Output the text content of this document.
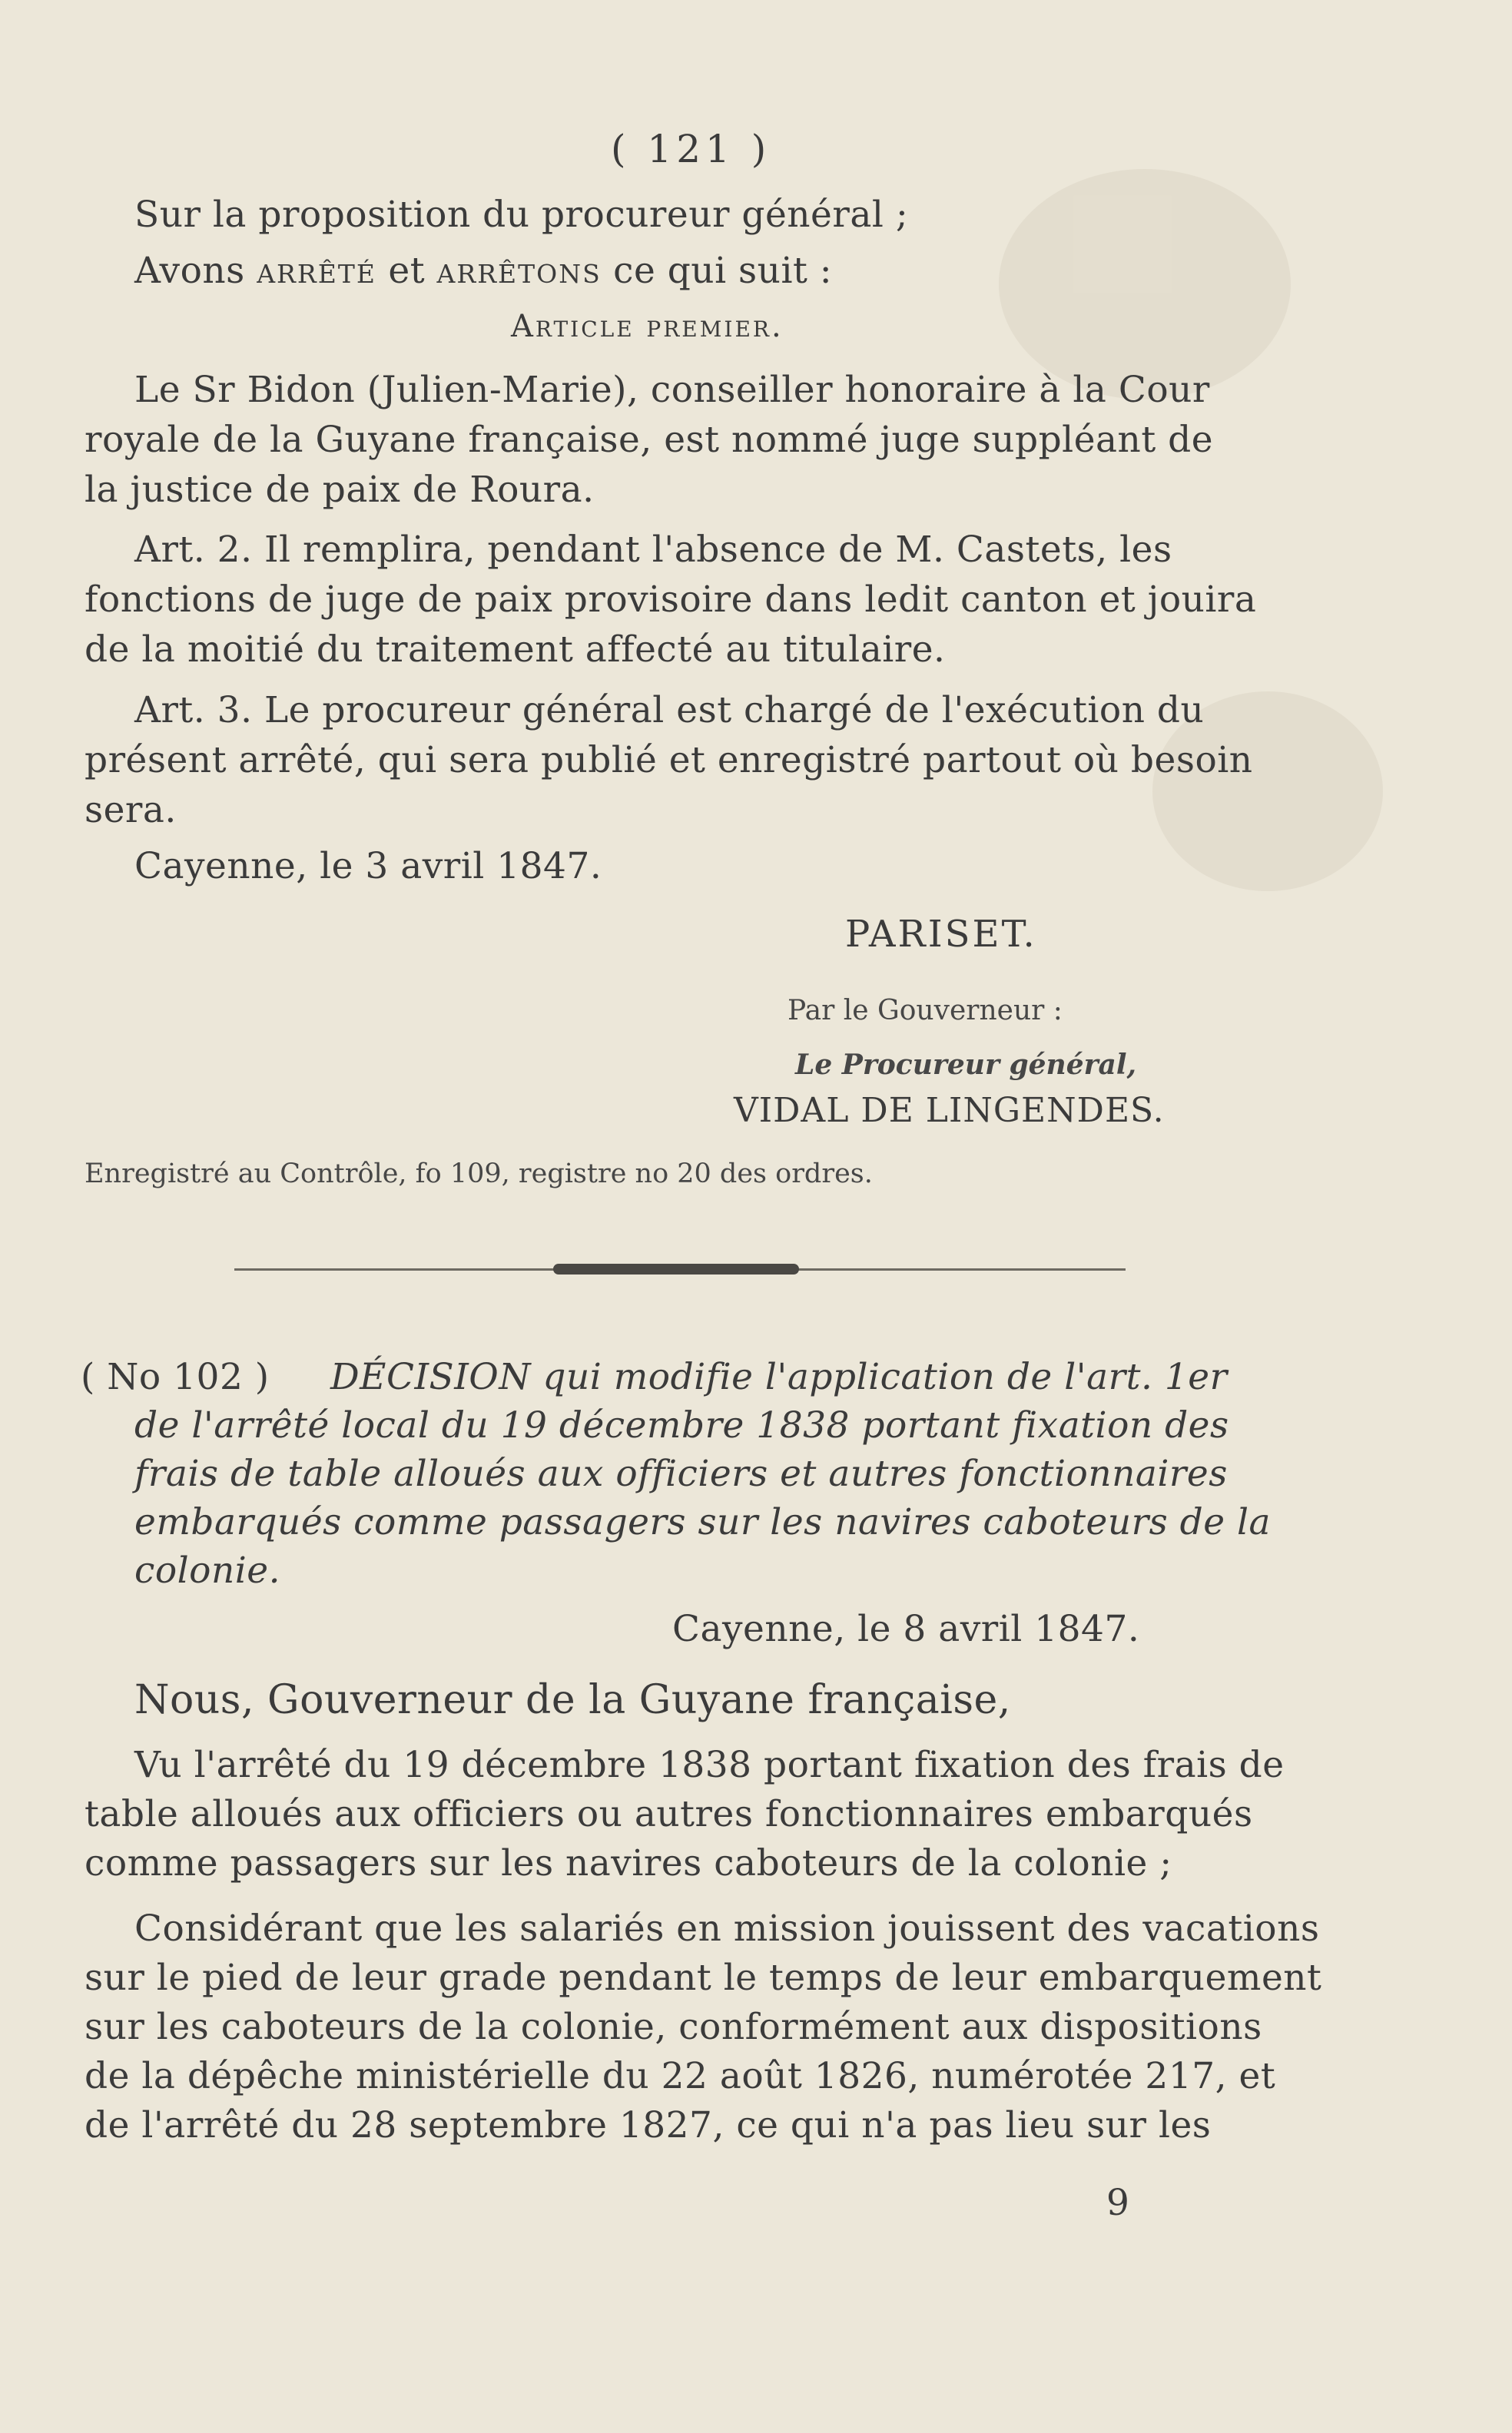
( 121 )
Sur la proposition du procureur général ;
Avons arrêté et arrêtons ce qui suit :
Article premier.
Le Sr Bidon (Julien-Marie), conseiller honoraire à la Cour
royale de la Guyane française, est nommé juge suppléant de
la justice de paix de Roura.
Art. 2. Il remplira, pendant l'absence de M. Castets, les
fonctions de juge de paix provisoire dans ledit canton et jouira
de la moitié du traitement affecté au titulaire.
Art. 3. Le procureur général est chargé de l'exécution du
présent arrêté, qui sera publié et enregistré partout où besoin
sera.
Cayenne, le 3 avril 1847.
PARISET.
Par le Gouverneur :
Le Procureur général,
VIDAL DE LINGENDES.
Enregistré au Contrôle, fo 109, registre no 20 des ordres.
( No 102 ) DÉCISION qui modifie l'application de l'art. 1er
de l'arrêté local du 19 décembre 1838 portant fixation des
frais de table alloués aux officiers et autres fonctionnaires
embarqués comme passagers sur les navires caboteurs de la
colonie.
Cayenne, le 8 avril 1847.
Nous, Gouverneur de la Guyane française,
Vu l'arrêté du 19 décembre 1838 portant fixation des frais de
table alloués aux officiers ou autres fonctionnaires embarqués
comme passagers sur les navires caboteurs de la colonie ;
Considérant que les salariés en mission jouissent des vacations
sur le pied de leur grade pendant le temps de leur embarquement
sur les caboteurs de la colonie, conformément aux dispositions
de la dépêche ministérielle du 22 août 1826, numérotée 217, et
de l'arrêté du 28 septembre 1827, ce qui n'a pas lieu sur les
9
